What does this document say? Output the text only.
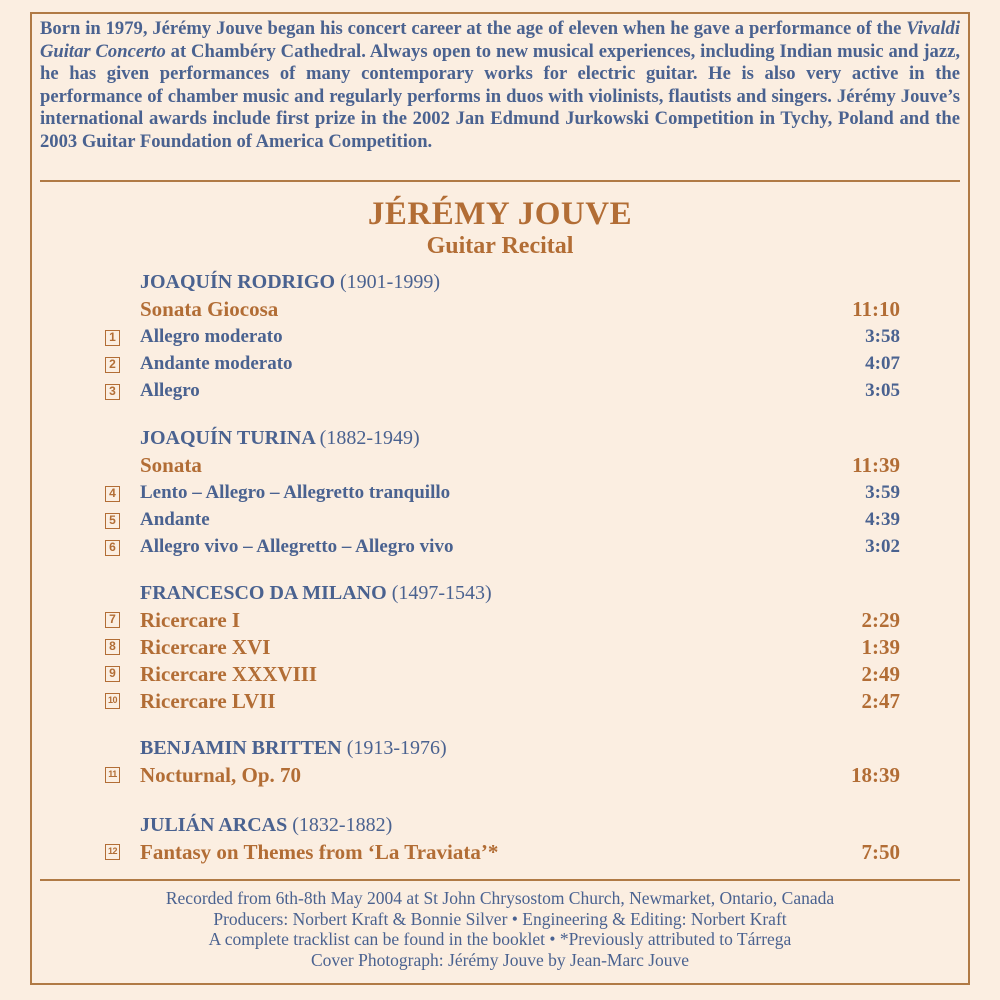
Born in 1979, Jérémy Jouve began his concert career at the age of eleven when he gave a performance of the Vivaldi Guitar Concerto at Chambéry Cathedral. Always open to new musical experiences, including Indian music and jazz, he has given performances of many contemporary works for electric guitar. He is also very active in the performance of chamber music and regularly performs in duos with violinists, flautists and singers. Jérémy Jouve’s international awards include first prize in the 2002 Jan Edmund Jurkowski Competition in Tychy, Poland and the 2003 Guitar Foundation of America Competition.
JÉRÉMY JOUVE
Guitar Recital
JOAQUÍN RODRIGO (1901-1999)
Sonata Giocosa	11:10
1 Allegro moderato	3:58
2 Andante moderato	4:07
3 Allegro	3:05
JOAQUÍN TURINA (1882-1949)
Sonata	11:39
4 Lento – Allegro – Allegretto tranquillo	3:59
5 Andante	4:39
6 Allegro vivo – Allegretto – Allegro vivo	3:02
FRANCESCO DA MILANO (1497-1543)
7 Ricercare I	2:29
8 Ricercare XVI	1:39
9 Ricercare XXXVIII	2:49
10 Ricercare LVII	2:47
BENJAMIN BRITTEN (1913-1976)
11 Nocturnal, Op. 70	18:39
JULIÁN ARCAS (1832-1882)
12 Fantasy on Themes from ‘La Traviata’*	7:50
Recorded from 6th-8th May 2004 at St John Chrysostom Church, Newmarket, Ontario, Canada
Producers: Norbert Kraft & Bonnie Silver • Engineering & Editing: Norbert Kraft
A complete tracklist can be found in the booklet • *Previously attributed to Tárrega
Cover Photograph: Jérémy Jouve by Jean-Marc Jouve
